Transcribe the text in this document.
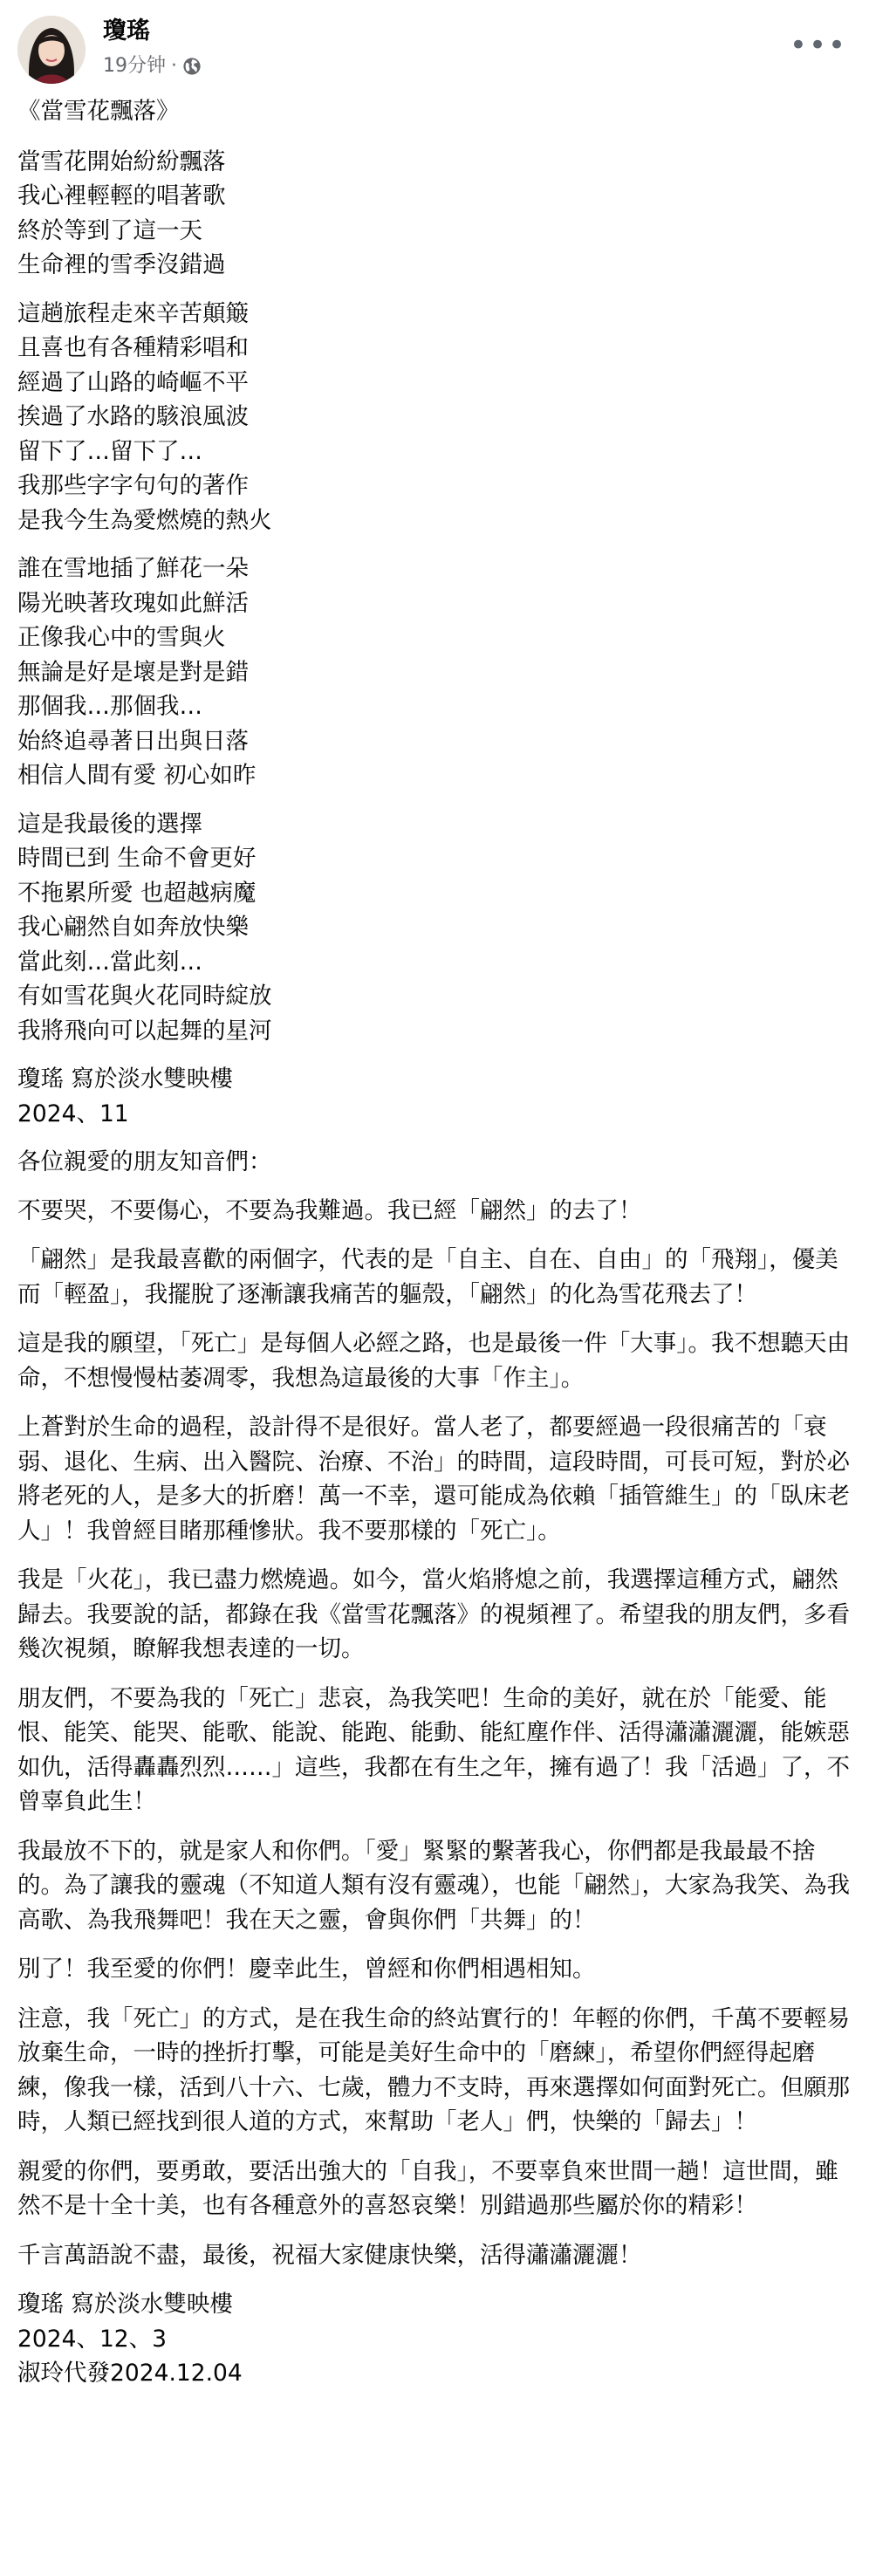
瓊瑤
19分钟 ·
•••

《當雪花飄落》

當雪花開始紛紛飄落
我心裡輕輕的唱著歌
終於等到了這一天
生命裡的雪季沒錯過

這趟旅程走來辛苦顛簸
且喜也有各種精彩唱和
經過了山路的崎嶇不平
挨過了水路的駭浪風波
留下了…留下了…
我那些字字句句的著作
是我今生為愛燃燒的熱火

誰在雪地插了鮮花一朵
陽光映著玫瑰如此鮮活
正像我心中的雪與火
無論是好是壞是對是錯
那個我…那個我…
始終追尋著日出與日落
相信人間有愛 初心如昨

這是我最後的選擇
時間已到 生命不會更好
不拖累所愛 也超越病魔
我心翩然自如奔放快樂
當此刻…當此刻…
有如雪花與火花同時綻放
我將飛向可以起舞的星河

瓊瑤 寫於淡水雙映樓
2024、11

各位親愛的朋友知音們：

不要哭，不要傷心，不要為我難過。我已經「翩然」的去了！

「翩然」是我最喜歡的兩個字，代表的是「自主、自在、自由」的「飛翔」，優美而「輕盈」，我擺脫了逐漸讓我痛苦的軀殼，「翩然」的化為雪花飛去了！

這是我的願望，「死亡」是每個人必經之路，也是最後一件「大事」。我不想聽天由命，不想慢慢枯萎凋零，我想為這最後的大事「作主」。

上蒼對於生命的過程，設計得不是很好。當人老了，都要經過一段很痛苦的「衰弱、退化、生病、出入醫院、治療、不治」的時間，這段時間，可長可短，對於必將老死的人，是多大的折磨！萬一不幸，還可能成為依賴「插管維生」的「臥床老人」！我曾經目睹那種慘狀。我不要那樣的「死亡」。

我是「火花」，我已盡力燃燒過。如今，當火焰將熄之前，我選擇這種方式，翩然歸去。我要說的話，都錄在我《當雪花飄落》的視頻裡了。希望我的朋友們，多看幾次視頻，瞭解我想表達的一切。

朋友們，不要為我的「死亡」悲哀，為我笑吧！生命的美好，就在於「能愛、能恨、能笑、能哭、能歌、能說、能跑、能動、能紅塵作伴、活得瀟瀟灑灑，能嫉惡如仇，活得轟轟烈烈……」這些，我都在有生之年，擁有過了！我「活過」了，不曾辜負此生！

我最放不下的，就是家人和你們。「愛」緊緊的繫著我心，你們都是我最最不捨的。為了讓我的靈魂（不知道人類有沒有靈魂），也能「翩然」，大家為我笑、為我高歌、為我飛舞吧！我在天之靈，會與你們「共舞」的！

別了！我至愛的你們！慶幸此生，曾經和你們相遇相知。

注意，我「死亡」的方式，是在我生命的終站實行的！年輕的你們，千萬不要輕易放棄生命，一時的挫折打擊，可能是美好生命中的「磨練」，希望你們經得起磨練，像我一樣，活到八十六、七歲，體力不支時，再來選擇如何面對死亡。但願那時，人類已經找到很人道的方式，來幫助「老人」們，快樂的「歸去」！

親愛的你們，要勇敢，要活出強大的「自我」，不要辜負來世間一趟！這世間，雖然不是十全十美，也有各種意外的喜怒哀樂！別錯過那些屬於你的精彩！

千言萬語說不盡，最後，祝福大家健康快樂，活得瀟瀟灑灑！

瓊瑤 寫於淡水雙映樓
2024、12、3
淑玲代發2024.12.04
